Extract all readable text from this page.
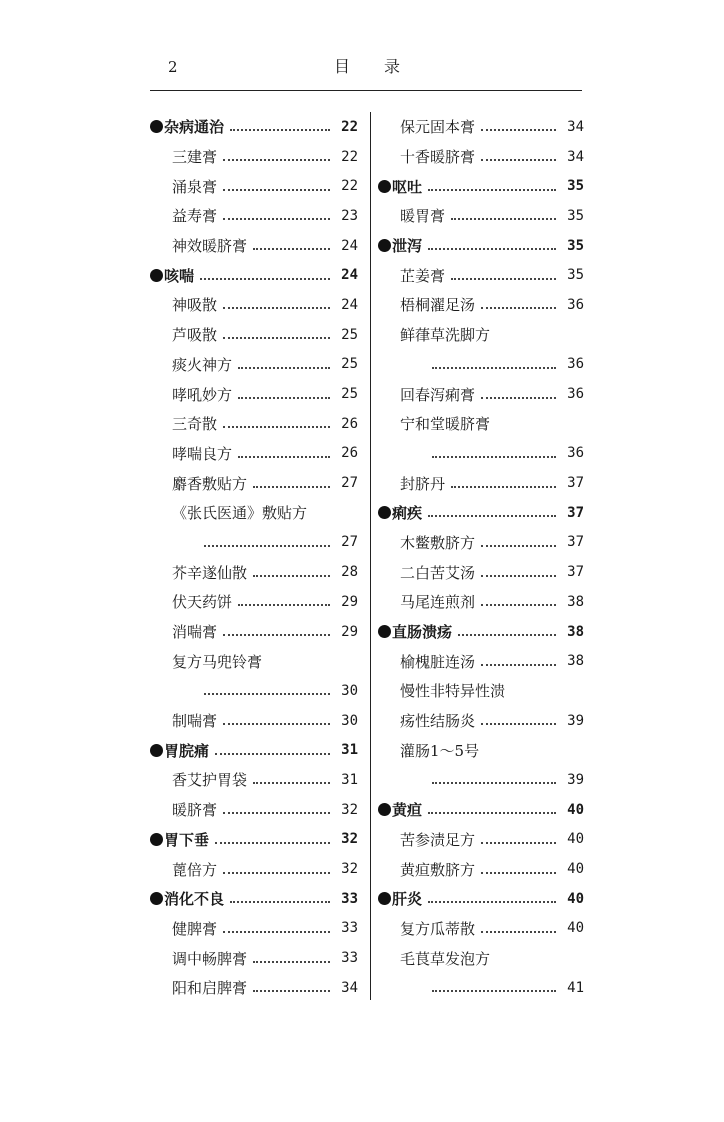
2	目 录
杂病通治	22
三建膏	22
涌泉膏	22
益寿膏	23
神效暖脐膏	24
咳喘	24
神吸散	24
芦吸散	25
痰火神方	25
哮吼妙方	25
三奇散	26
哮喘良方	26
麝香敷贴方	27
《张氏医通》敷贴方
27
芥辛遂仙散	28
伏天药饼	29
消喘膏	29
复方马兜铃膏
30
制喘膏	30
胃脘痛	31
香艾护胃袋	31
暖脐膏	32
胃下垂	32
蓖倍方	32
消化不良	33
健脾膏	33
调中畅脾膏	33
阳和启脾膏	34
保元固本膏	34
十香暖脐膏	34
呕吐	35
暖胃膏	35
泄泻	35
芷姜膏	35
梧桐濯足汤	36
鲜葎草洗脚方
36
回春泻痢膏	36
宁和堂暖脐膏
36
封脐丹	37
痢疾	37
木鳖敷脐方	37
二白苦艾汤	37
马尾连煎剂	38
直肠溃疡	38
榆槐脏连汤	38
慢性非特异性溃
疡性结肠炎	39
灌肠1～5号
39
黄疸	40
苦参渍足方	40
黄疸敷脐方	40
肝炎	40
复方瓜蒂散	40
毛茛草发泡方
41
